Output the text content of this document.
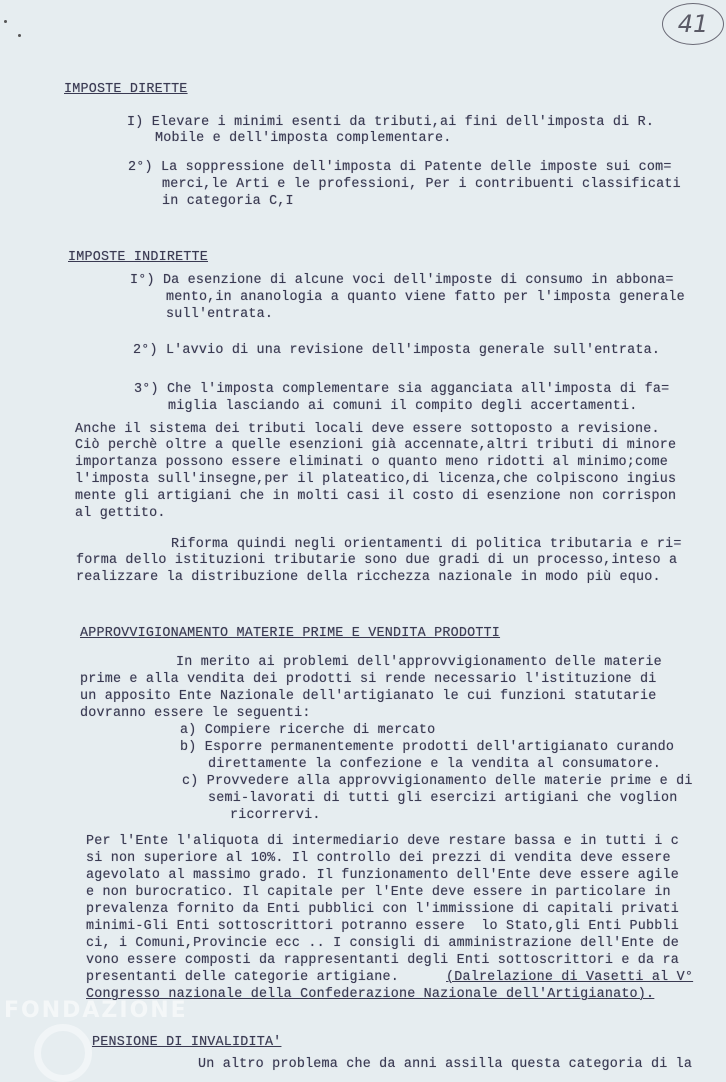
41
IMPOSTE DIRETTE
I) Elevare i minimi esenti da tributi,ai fini dell'imposta di R.
Mobile e dell'imposta complementare.
2°) La soppressione dell'imposta di Patente delle imposte sui com=
merci,le Arti e le professioni, Per i contribuenti classificati
in categoria C,I
IMPOSTE INDIRETTE
I°) Da esenzione di alcune voci dell'imposte di consumo in abbona=
mento,in ananologia a quanto viene fatto per l'imposta generale
sull'entrata.
2°) L'avvio di una revisione dell'imposta generale sull'entrata.
3°) Che l'imposta complementare sia agganciata all'imposta di fa=
miglia lasciando ai comuni il compito degli accertamenti.
Anche il sistema dei tributi locali deve essere sottoposto a revisione.
Ciò perchè oltre a quelle esenzioni già accennate,altri tributi di minore
importanza possono essere eliminati o quanto meno ridotti al minimo;come
l'imposta sull'insegne,per il plateatico,di licenza,che colpiscono ingius
mente gli artigiani che in molti casi il costo di esenzione non corrispon
al gettito.
Riforma quindi negli orientamenti di politica tributaria e ri=
forma dello istituzioni tributarie sono due gradi di un processo,inteso a
realizzare la distribuzione della ricchezza nazionale in modo più equo.
APPROVVIGIONAMENTO MATERIE PRIME E VENDITA PRODOTTI
In merito ai problemi dell'approvvigionamento delle materie
prime e alla vendita dei prodotti si rende necessario l'istituzione di
un apposito Ente Nazionale dell'artigianato le cui funzioni statutarie
dovranno essere le seguenti:
a) Compiere ricerche di mercato
b) Esporre permanentemente prodotti dell'artigianato curando
direttamente la confezione e la vendita al consumatore.
c) Provvedere alla approvvigionamento delle materie prime e di
semi-lavorati di tutti gli esercizi artigiani che voglion
ricorrervi.
Per l'Ente l'aliquota di intermediario deve restare bassa e in tutti i c
si non superiore al 10%. Il controllo dei prezzi di vendita deve essere
agevolato al massimo grado. Il funzionamento dell'Ente deve essere agile
e non burocratico. Il capitale per l'Ente deve essere in particolare in
prevalenza fornito da Enti pubblici con l'immissione di capitali privati
minimi-Gli Enti sottoscrittori potranno essere  lo Stato,gli Enti Pubbli
ci, i Comuni,Provincie ecc .. I consigli di amministrazione dell'Ente de
vono essere composti da rappresentanti degli Enti sottoscrittori e da ra
presentanti delle categorie artigiane.	(Dalrelazione di Vasetti al V°
Congresso nazionale della Confederazione Nazionale dell'Artigianato).
PENSIONE DI INVALIDITA'
Un altro problema che da anni assilla questa categoria di la
FONDAZIONE
